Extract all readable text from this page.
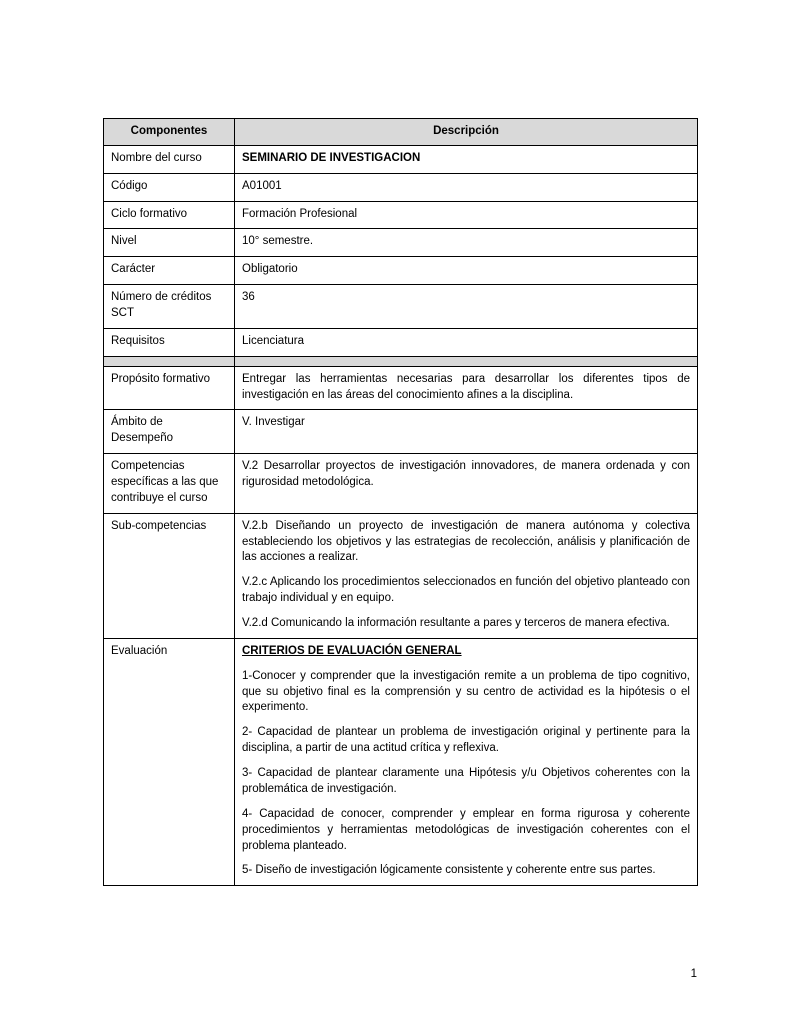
Componentes	Descripción
Nombre del curso	SEMINARIO DE INVESTIGACION
Código	A01001
Ciclo formativo	Formación Profesional
Nivel	10° semestre.
Carácter	Obligatorio
Número de créditos SCT	36
Requisitos	Licenciatura

Propósito formativo	Entregar las herramientas necesarias para desarrollar los diferentes tipos de investigación en las áreas del conocimiento afines a la disciplina.
Ámbito de Desempeño	V. Investigar
Competencias específicas a las que contribuye el curso	V.2 Desarrollar proyectos de investigación innovadores, de manera ordenada y con rigurosidad metodológica.
Sub-competencias	V.2.b Diseñando un proyecto de investigación de manera autónoma y colectiva estableciendo los objetivos y las estrategias de recolección, análisis y planificación de las acciones a realizar.

V.2.c Aplicando los procedimientos seleccionados en función del objetivo planteado con trabajo individual y en equipo.

V.2.d Comunicando la información resultante a pares y terceros de manera efectiva.

Evaluación	CRITERIOS DE EVALUACIÓN GENERAL

1-Conocer y comprender que la investigación remite a un problema de tipo cognitivo, que su objetivo final es la comprensión y su centro de actividad es la hipótesis o el experimento.

2- Capacidad de plantear un problema de investigación original y pertinente para la disciplina, a partir de una actitud crítica y reflexiva.

3- Capacidad de plantear claramente una Hipótesis y/u Objetivos coherentes con la problemática de investigación.

4- Capacidad de conocer, comprender y emplear en forma rigurosa y coherente procedimientos y herramientas metodológicas de investigación coherentes con el problema planteado.

5- Diseño de investigación lógicamente consistente y coherente entre sus partes.

1
